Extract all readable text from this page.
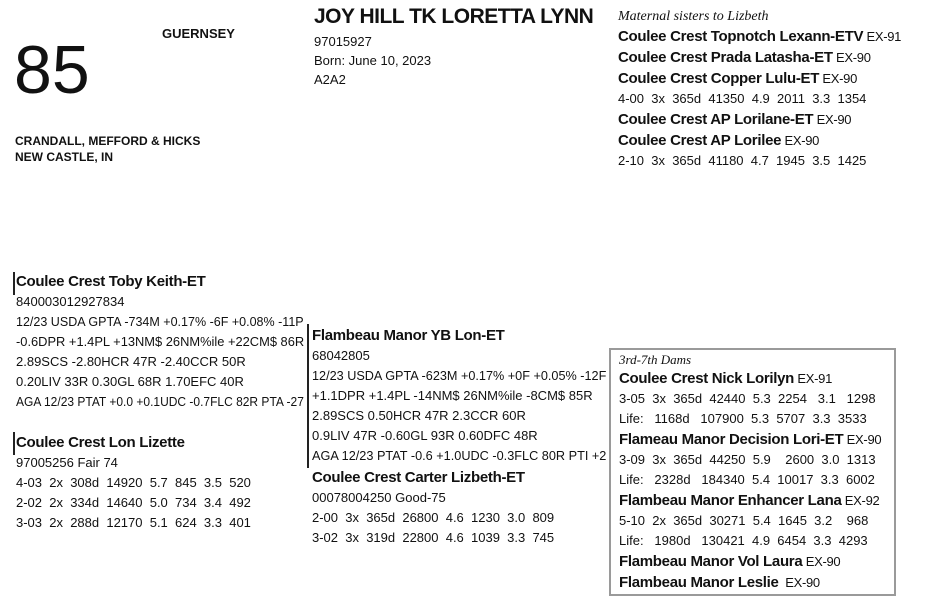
85	GUERNSEY
CRANDALL, MEFFORD & HICKS
NEW CASTLE, IN
JOY HILL TK LORETTA LYNN
97015927
Born: June 10, 2023
A2A2
Maternal sisters to Lizbeth
Coulee Crest Topnotch Lexann-ETV EX-91
Coulee Crest Prada Latasha-ET EX-90
Coulee Crest Copper Lulu-ET EX-90
4-00  3x  365d  41350  4.9  2011  3.3  1354
Coulee Crest AP Lorilane-ET EX-90
Coulee Crest AP Lorilee EX-90
2-10  3x  365d  41180  4.7  1945  3.5  1425
Coulee Crest Toby Keith-ET
840003012927834
12/23 USDA GPTA -734M +0.17% -6F +0.08% -11P
-0.6DPR +1.4PL +13NM$ 26NM%ile +22CM$ 86R
2.89SCS -2.80HCR 47R -2.40CCR 50R
0.20LIV 33R 0.30GL 68R 1.70EFC 40R
AGA 12/23 PTAT +0.0 +0.1UDC -0.7FLC 82R PTA -27
Coulee Crest Lon Lizette
97005256 Fair 74
4-03  2x  308d  14920  5.7  845  3.5  520
2-02  2x  334d  14640  5.0  734  3.4  492
3-03  2x  288d  12170  5.1  624  3.3  401
Flambeau Manor YB Lon-ET
68042805
12/23 USDA GPTA -623M +0.17% +0F +0.05% -12F
+1.1DPR +1.4PL -14NM$ 26NM%ile -8CM$ 85R
2.89SCS 0.50HCR 47R 2.3CCR 60R
0.9LIV 47R -0.60GL 93R 0.60DFC 48R
AGA 12/23 PTAT -0.6 +1.0UDC -0.3FLC 80R PTI +2
Coulee Crest Carter Lizbeth-ET
00078004250 Good-75
2-00  3x  365d  26800  4.6  1230  3.0  809
3-02  3x  319d  22800  4.6  1039  3.3  745
3rd-7th Dams
Coulee Crest Nick Lorilyn EX-91
3-05  3x  365d  42440  5.3  2254   3.1   1298
Life:   1168d   107900  5.3  5707  3.3  3533
Flameau Manor Decision Lori-ET EX-90
3-09  3x  365d  44250  5.9    2600  3.0  1313
Life:   2328d   184340  5.4  10017  3.3  6002
Flambeau Manor Enhancer Lana EX-92
5-10  2x  365d  30271  5.4  1645  3.2    968
Life:   1980d   130421  4.9  6454  3.3  4293
Flambeau Manor Vol Laura EX-90
Flambeau Manor Leslie  EX-90
